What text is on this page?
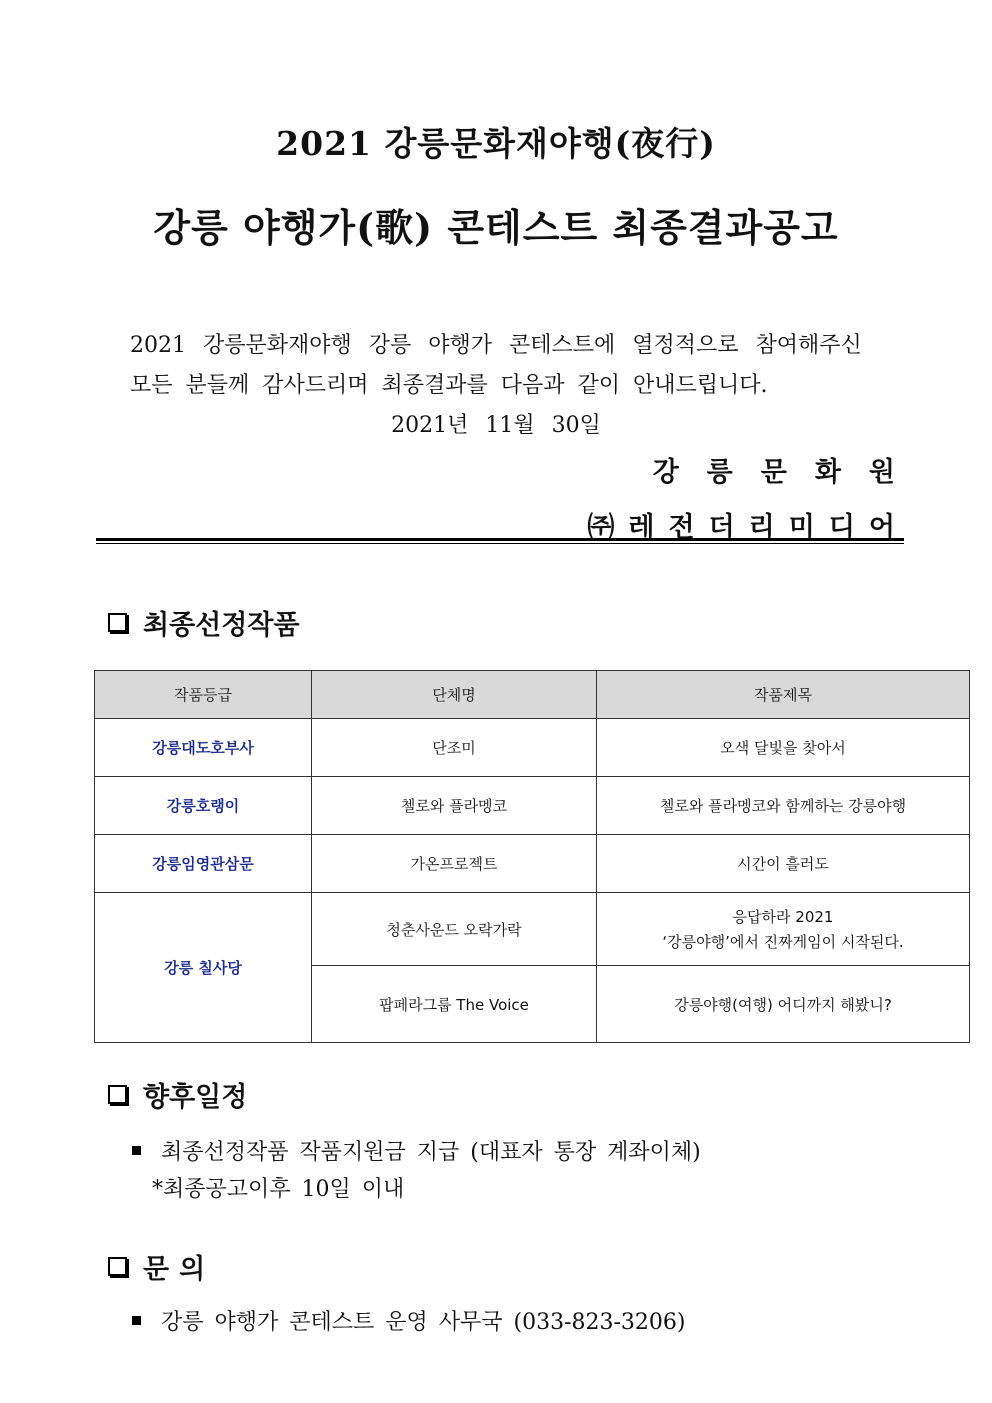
2021 강릉문화재야행(夜行)
강릉 야행가(歌) 콘테스트 최종결과공고
2021 강릉문화재야행 강릉 야행가 콘테스트에 열정적으로 참여해주신
모든 분들께 감사드리며 최종결과를 다음과 같이 안내드립니다.
2021년 11월 30일
강릉문화원
㈜레전더리미디어
최종선정작품
작품등급	단체명	작품제목
강릉대도호부사	단조미	오색 달빛을 찾아서
강릉호랭이	첼로와 플라멩코	첼로와 플라멩코와 함께하는 강릉야행
강릉임영관삼문	가온프로젝트	시간이 흘러도
강릉 칠사당	청춘사운드 오락가락	응답하라 2021
‘강릉야행’에서 진짜게임이 시작된다.

	팝페라그룹 The Voice	강릉야행(여행) 어디까지 해봤니?
향후일정
최종선정작품 작품지원금 지급 (대표자 통장 계좌이체)
*최종공고이후 10일 이내
문의
강릉 야행가 콘테스트 운영 사무국 (033-823-3206)
